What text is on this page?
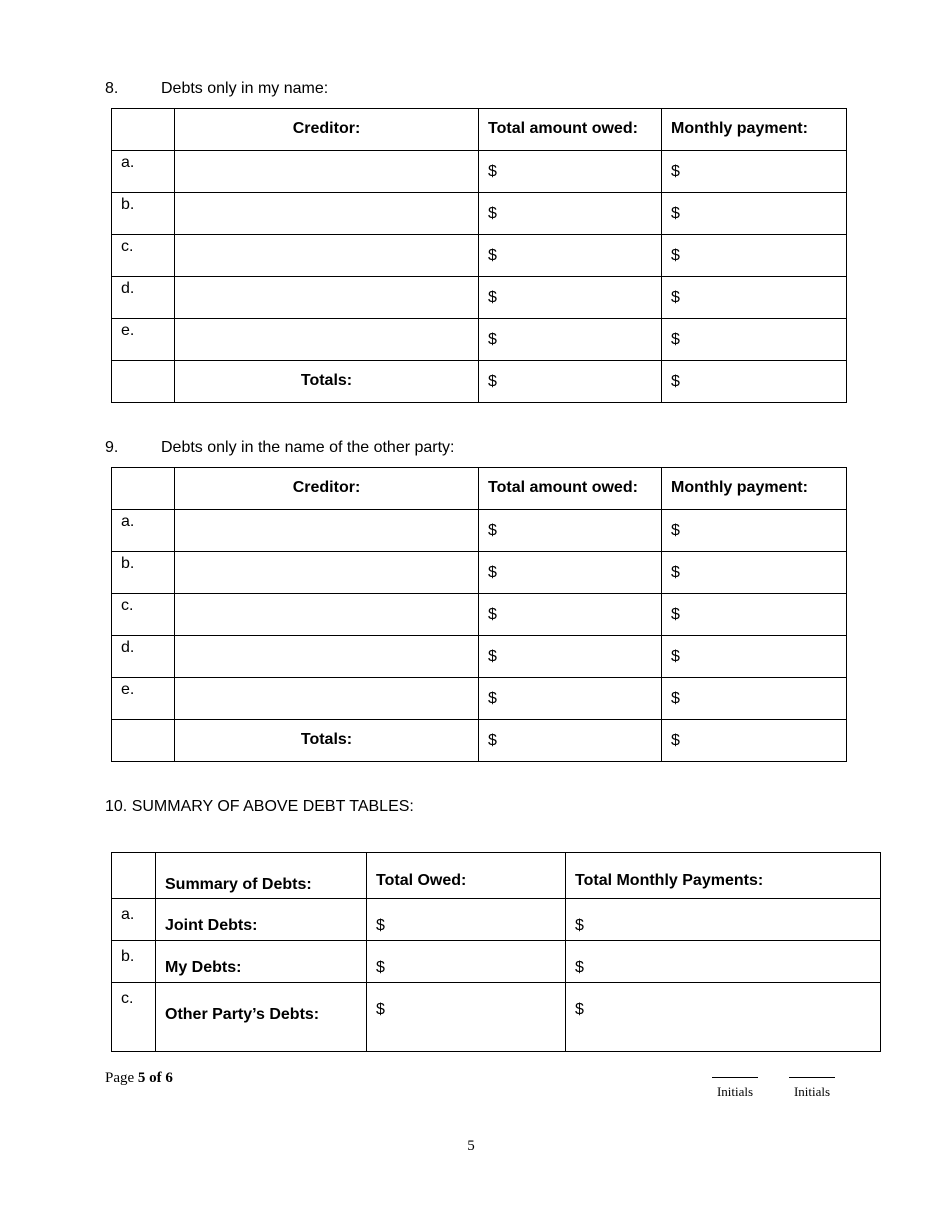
8.	Debts only in my name:

	Creditor:	Total amount owed:	Monthly payment:

a.		$	$

b.		$	$

c.		$	$

d.		$	$

e.		$	$

	Totals:	$	$
9.	Debts only in the name of the other party:

	Creditor:	Total amount owed:	Monthly payment:

a.		$	$

b.		$	$

c.		$	$

d.		$	$

e.		$	$

	Totals:	$	$
10. SUMMARY OF ABOVE DEBT TABLES:

	Summary of Debts:	Total Owed:	Total Monthly Payments:

a.	Joint Debts:	$	$

b.	My Debts:	$	$

c.	Other Party’s Debts:	$	$
Page 5 of 6
Initials	Initials
5
